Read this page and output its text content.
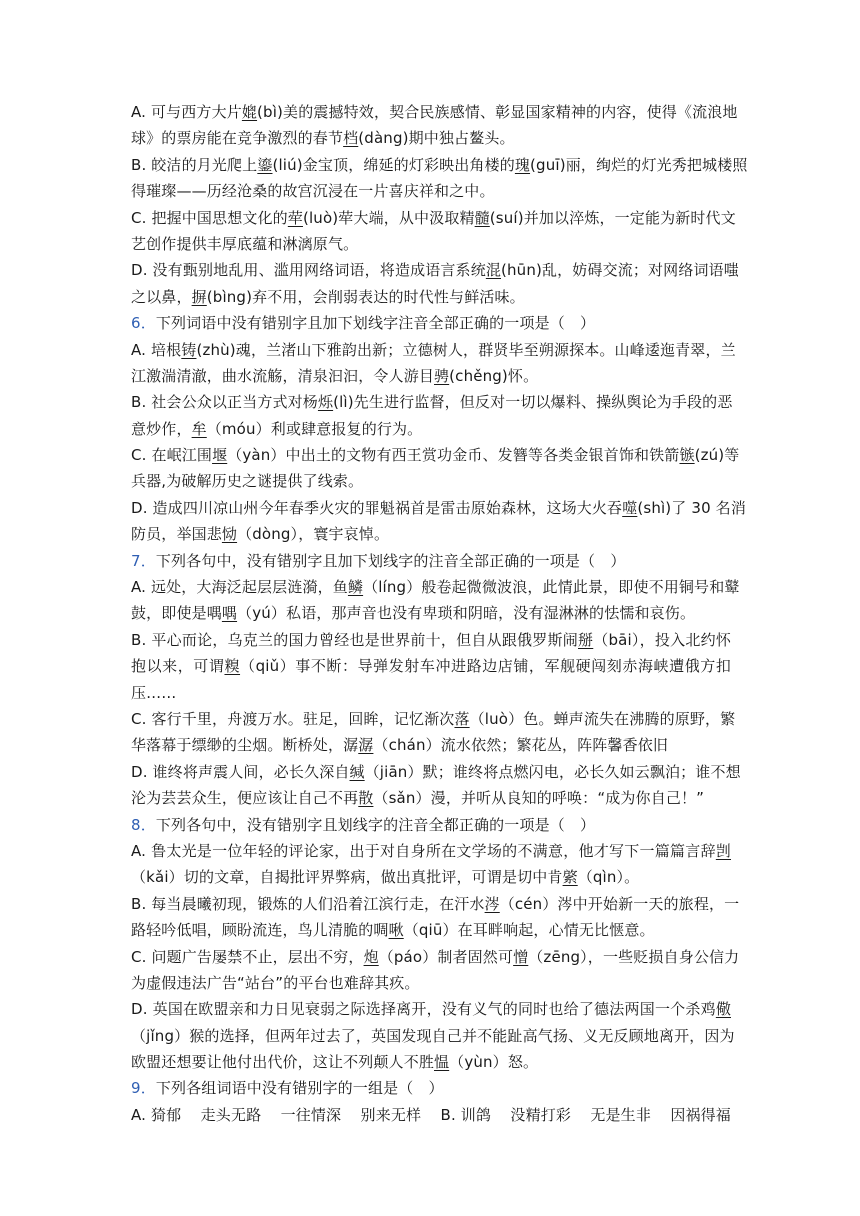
A. 可与西方大片媲(bì)美的震撼特效，契合民族感情、彰显国家精神的内容，使得《流浪地
球》的票房能在竞争激烈的春节档(dàng)期中独占鳌头。
B. 皎洁的月光爬上鎏(liú)金宝顶，绵延的灯彩映出角楼的瑰(guī)丽，绚烂的灯光秀把城楼照
得璀璨——历经沧桑的故宫沉浸在一片喜庆祥和之中。
C. 把握中国思想文化的荦(luò)荦大端，从中汲取精髓(suí)并加以淬炼，一定能为新时代文
艺创作提供丰厚底蕴和淋漓原气。
D. 没有甄别地乱用、滥用网络词语，将造成语言系统混(hūn)乱，妨碍交流；对网络词语嗤
之以鼻，摒(bìng)弃不用，会削弱表达的时代性与鲜活味。
6．下列词语中没有错别字且加下划线字注音全部正确的一项是（　）
A. 培根铸(zhù)魂，兰渚山下雅韵出新；立德树人，群贤毕至朔源探本。山峰逶迤青翠，兰
江激湍清澈，曲水流觞，清泉汩汩，令人游目骋(chěng)怀。
B. 社会公众以正当方式对杨烁(lì)先生进行监督，但反对一切以爆料、操纵舆论为手段的恶
意炒作，牟（móu）利或肆意报复的行为。
C. 在岷江围堰（yàn）中出土的文物有西王赏功金币、发簪等各类金银首饰和铁箭镞(zú)等
兵器,为破解历史之谜提供了线索。
D. 造成四川凉山州今年春季火灾的罪魁祸首是雷击原始森林，这场大火吞噬(shì)了 30 名消
防员，举国悲恸（dòng），寰宇哀悼。
7．下列各句中，没有错别字且加下划线字的注音全部正确的一项是（　）
A. 远处，大海泛起层层涟漪，鱼鳞（líng）般卷起微微波浪，此情此景，即使不用铜号和鼙
鼓，即使是喁喁（yú）私语，那声音也没有卑琐和阴暗，没有湿淋淋的怯懦和哀伤。
B. 平心而论，乌克兰的国力曾经也是世界前十，但自从跟俄罗斯闹掰（bāi），投入北约怀
抱以来，可谓糗（qiǔ）事不断：导弹发射车冲进路边店铺，军舰硬闯刻赤海峡遭俄方扣
压……
C. 客行千里，舟渡万水。驻足，回眸，记忆渐次落（luò）色。蝉声流失在沸腾的原野，繁
华落幕于缥缈的尘烟。断桥处，潺潺（chán）流水依然；繁花丛，阵阵馨香依旧
D. 谁终将声震人间，必长久深自缄（jiān）默；谁终将点燃闪电，必长久如云飘泊；谁不想
沦为芸芸众生，便应该让自己不再散（sǎn）漫，并听从良知的呼唤：“成为你自己！”
8．下列各句中，没有错别字且划线字的注音全都正确的一项是（　）
A. 鲁太光是一位年轻的评论家，出于对自身所在文学场的不满意，他才写下一篇篇言辞剀
（kǎi）切的文章，自揭批评界弊病，做出真批评，可谓是切中肯綮（qìn）。
B. 每当晨曦初现，锻炼的人们沿着江滨行走，在汗水涔（cén）涔中开始新一天的旅程，一
路轻吟低唱，顾盼流连，鸟儿清脆的啁啾（qiū）在耳畔响起，心情无比惬意。
C. 问题广告屡禁不止，层出不穷，炮（páo）制者固然可憎（zēng），一些贬损自身公信力
为虚假违法广告“站台”的平台也难辞其疚。
D. 英国在欧盟亲和力日见衰弱之际选择离开，没有义气的同时也给了德法两国一个杀鸡儆
（jǐng）猴的选择，但两年过去了，英国发现自己并不能趾高气扬、义无反顾地离开，因为
欧盟还想要让他付出代价，这让不列颠人不胜愠（yùn）怒。
9．下列各组词语中没有错别字的一组是（　）
A. 猗郁 走头无路 一往情深 别来无样 B. 训鸽 没精打彩 无是生非 因祸得福
